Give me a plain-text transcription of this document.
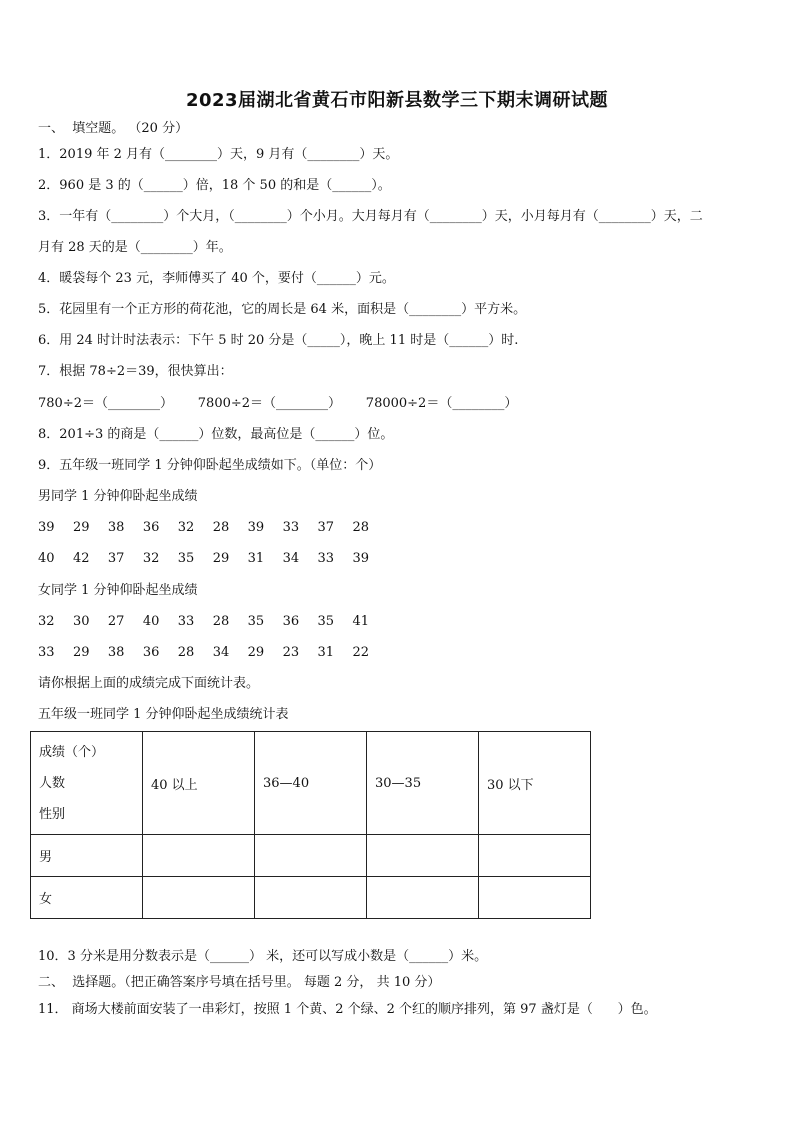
2023届湖北省黄石市阳新县数学三下期末调研试题
一、  填空题。 （20 分）
1．2019 年 2 月有（________）天，9 月有（________）天。
2．960 是 3 的（______）倍，18 个 50 的和是（______）。
3．一年有（________）个大月，（________）个小月。大月每月有（________）天，小月每月有（________）天，二
月有 28 天的是（________）年。
4．暖袋每个 23 元，李师傅买了 40 个，要付（______）元。
5．花园里有一个正方形的荷花池，它的周长是 64 米，面积是（________）平方米。
6．用 24 时计时法表示：下午 5 时 20 分是（_____），晚上 11 时是（______）时.
7．根据 78÷2＝39，很快算出：
780÷2＝（________）      7800÷2＝（________）      78000÷2＝（________）
8．201÷3 的商是（______）位数，最高位是（______）位。
9．五年级一班同学 1 分钟仰卧起坐成绩如下。（单位：个）
男同学 1 分钟仰卧起坐成绩
39   29   38   36   32   28   39   33   37   28
40   42   37   32   35   29   31   34   33   39
女同学 1 分钟仰卧起坐成绩
32   30   27   40   33   28   35   36   35   41
33   29   38   36   28   34   29   23   31   22
请你根据上面的成绩完成下面统计表。
五年级一班同学 1 分钟仰卧起坐成绩统计表
成绩（个）
人数
性别	40 以上	36—40	30—35	30 以下
男				
女				
10．3 分米是用分数表示是（______） 米，还可以写成小数是（______）米。
二、  选择题。（把正确答案序号填在括号里。 每题 2 分， 共 10 分）
11． 商场大楼前面安装了一串彩灯，按照 1 个黄、2 个绿、2 个红的顺序排列，第 97 盏灯是（      ）色。
